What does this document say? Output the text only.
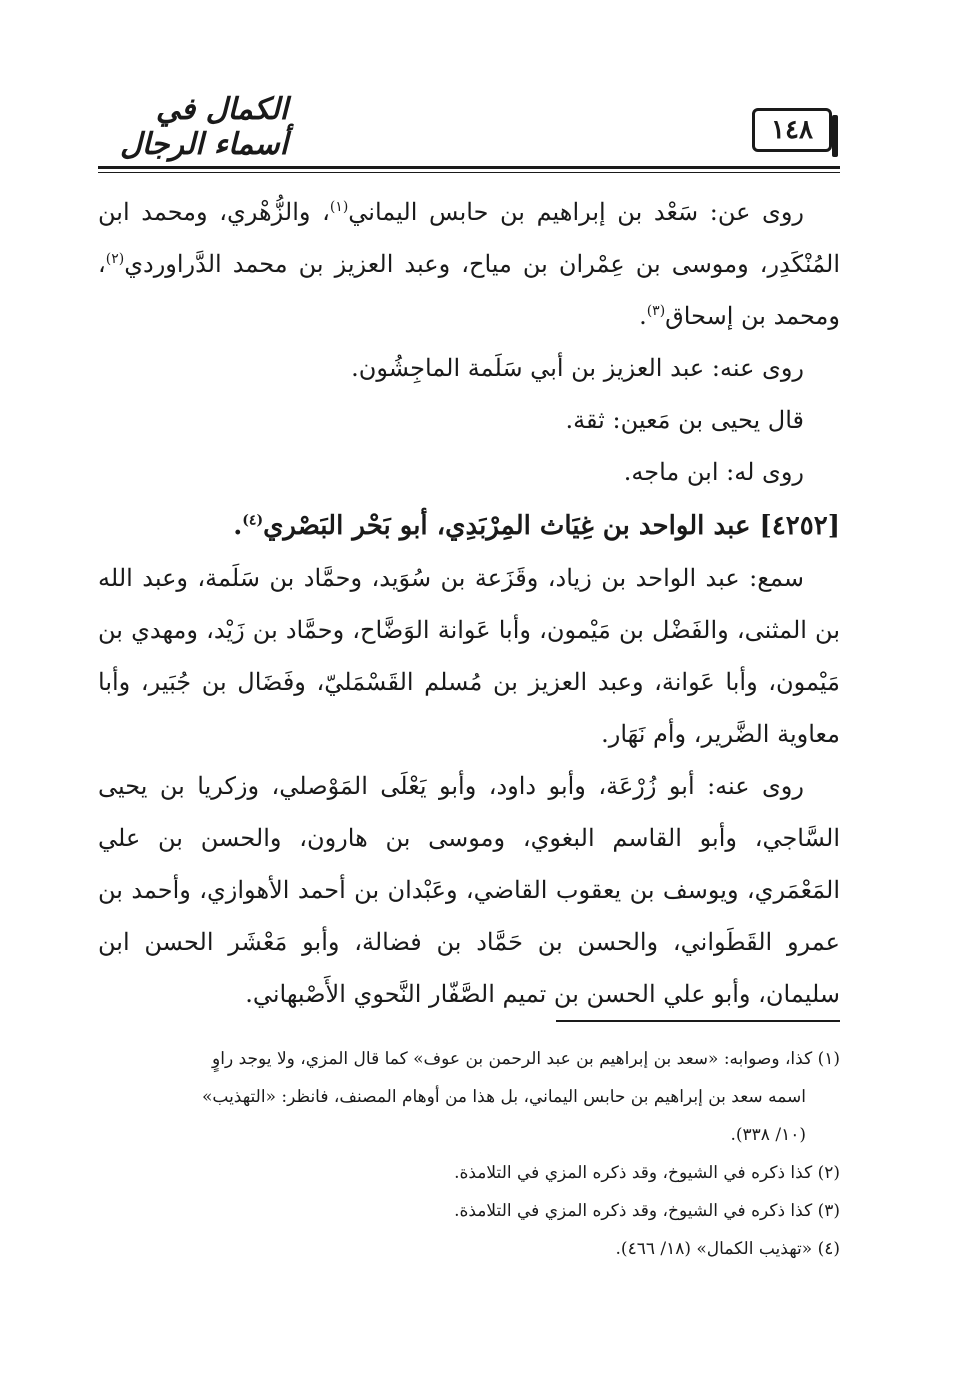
١٤٨
الكمال في أسماء الرجال

روى عن: سَعْد بن إبراهيم بن حابس اليماني$^{(١)}$، والزُّهْري، ومحمد ابن المُنْكَدِر، وموسى بن عِمْران بن مياح، وعبد العزيز بن محمد الدَّراوردي$^{(٢)}$، ومحمد بن إسحاق$^{(٣)}$.

روى عنه: عبد العزيز بن أبي سَلَمة الماجِشُون.

قال يحيى بن مَعين: ثقة.

روى له: ابن ماجه.

[٤٢٥٢] عبد الواحد بن غِيَاث المِرْبَدِي، أبو بَحْر البَصْري$^{(٤)}$.

سمع: عبد الواحد بن زياد، وقَزَعة بن سُوَيد، وحمَّاد بن سَلَمة، وعبد الله بن المثنى، والفَضْل بن مَيْمون، وأبا عَوانة الوَضَّاح، وحمَّاد بن زَيْد، ومهدي بن مَيْمون، وأبا عَوانة، وعبد العزيز بن مُسلم القَسْمَليّ، وفَضَال بن جُبَير، وأبا معاوية الضَّرير، وأم نَهَار.

روى عنه: أبو زُرْعَة، وأبو داود، وأبو يَعْلَى المَوْصلي، وزكريا بن يحيى السَّاجي، وأبو القاسم البغوي، وموسى بن هارون، والحسن بن علي المَعْمَري، ويوسف بن يعقوب القاضي، وعَبْدان بن أحمد الأهوازي، وأحمد بن عمرو القَطَواني، والحسن بن حَمَّاد بن فضالة، وأبو مَعْشَر الحسن ابن سليمان، وأبو علي الحسن بن تميم الصَّفّار النَّحوي الأَصْبهاني.

(١) كذا، وصوابه: «سعد بن إبراهيم بن عبد الرحمن بن عوف» كما قال المزي، ولا يوجد راوٍ

اسمه سعد بن إبراهيم بن حابس اليماني، بل هذا من أوهام المصنف، فانظر: «التهذيب»

(١٠/ ٣٣٨).

(٢) كذا ذكره في الشيوخ، وقد ذكره المزي في التلامذة.

(٣) كذا ذكره في الشيوخ، وقد ذكره المزي في التلامذة.

(٤) «تهذيب الكمال» (١٨/ ٤٦٦).
